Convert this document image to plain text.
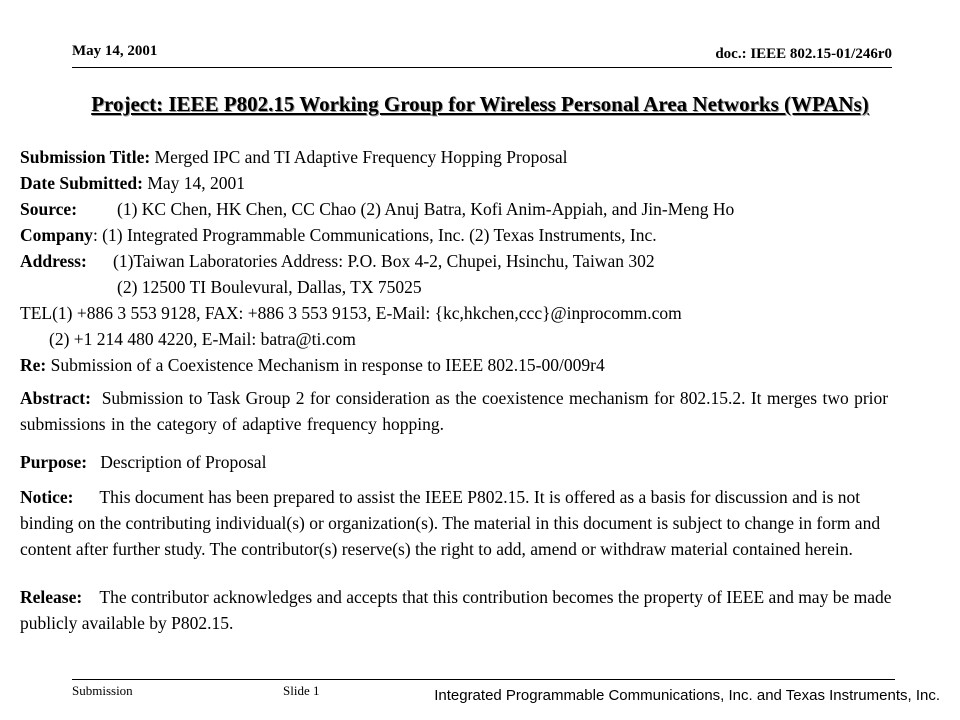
May 14, 2001	doc.: IEEE 802.15-01/246r0
Project: IEEE P802.15 Working Group for Wireless Personal Area Networks (WPANs)
Submission Title: Merged IPC and TI Adaptive Frequency Hopping Proposal
Date Submitted: May 14, 2001
Source: (1) KC Chen, HK Chen, CC Chao (2) Anuj Batra, Kofi Anim-Appiah, and Jin-Meng Ho
Company: (1) Integrated Programmable Communications, Inc. (2) Texas Instruments, Inc.
Address: (1)Taiwan Laboratories Address: P.O. Box 4-2, Chupei, Hsinchu, Taiwan 302
(2) 12500 TI Boulevural, Dallas, TX 75025
TEL(1) +886 3 553 9128, FAX: +886 3 553 9153, E-Mail: {kc,hkchen,ccc}@inprocomm.com
(2) +1 214 480 4220, E-Mail: batra@ti.com
Re: Submission of a Coexistence Mechanism in response to IEEE 802.15-00/009r4
Abstract: Submission to Task Group 2 for consideration as the coexistence mechanism for 802.15.2. It merges two prior submissions in the category of adaptive frequency hopping.
Purpose: Description of Proposal
Notice: This document has been prepared to assist the IEEE P802.15. It is offered as a basis for discussion and is not binding on the contributing individual(s) or organization(s). The material in this document is subject to change in form and content after further study. The contributor(s) reserve(s) the right to add, amend or withdraw material contained herein.
Release: The contributor acknowledges and accepts that this contribution becomes the property of IEEE and may be made publicly available by P802.15.
Submission	Slide 1	Integrated Programmable Communications, Inc. and Texas Instruments, Inc.
